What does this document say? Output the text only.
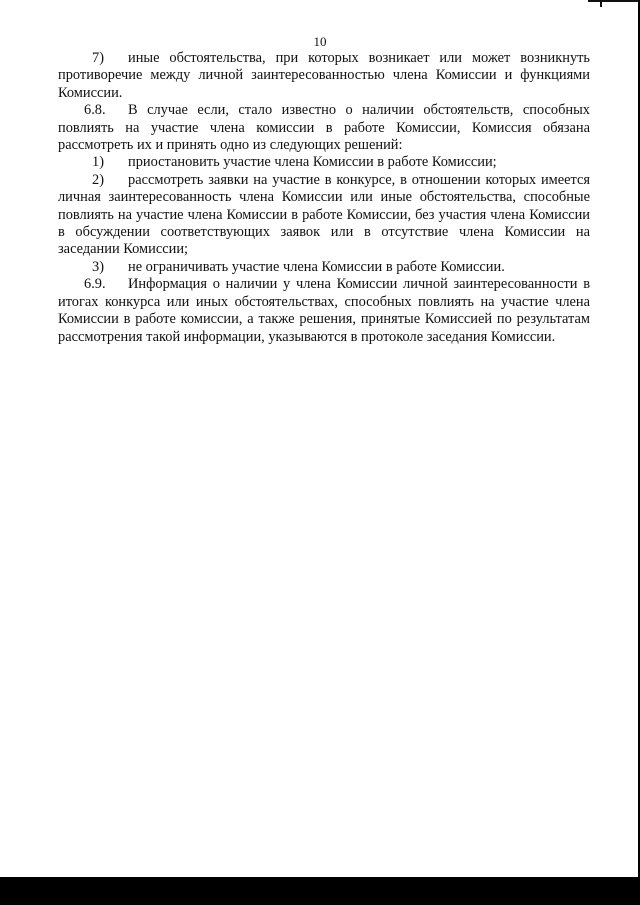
10

7) иные обстоятельства, при которых возникает или может возникнуть противоречие между личной заинтересованностью члена Комиссии и функциями Комиссии.

6.8. В случае если, стало известно о наличии обстоятельств, способных повлиять на участие члена комиссии в работе Комиссии, Комиссия обязана рассмотреть их и принять одно из следующих решений:

1) приостановить участие члена Комиссии в работе Комиссии;

2) рассмотреть заявки на участие в конкурсе, в отношении которых имеется личная заинтересованность члена Комиссии или иные обстоятельства, способные повлиять на участие члена Комиссии в работе Комиссии, без участия члена Комиссии в обсуждении соответствующих заявок или в отсутствие члена Комиссии на заседании Комиссии;

3) не ограничивать участие члена Комиссии в работе Комиссии.

6.9. Информация о наличии у члена Комиссии личной заинтересованности в итогах конкурса или иных обстоятельствах, способных повлиять на участие члена Комиссии в работе комиссии, а также решения, принятые Комиссией по результатам рассмотрения такой информации, указываются в протоколе заседания Комиссии.
